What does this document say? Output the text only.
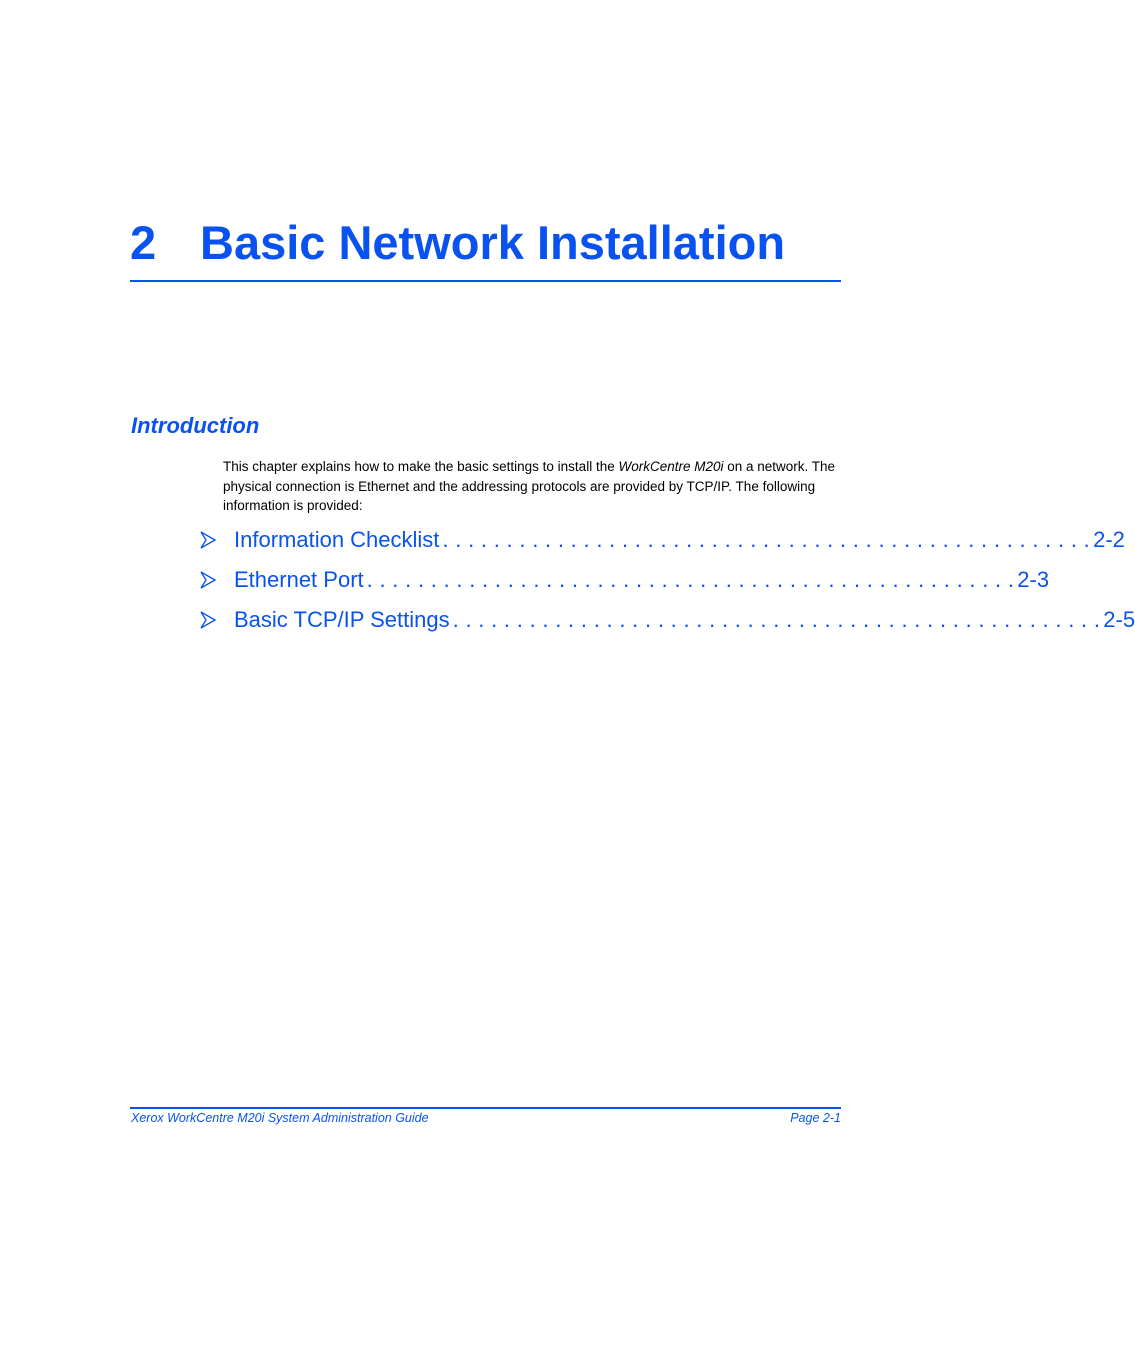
2 Basic Network Installation
Introduction

This chapter explains how to make the basic settings to install the WorkCentre M20i on a network. The physical connection is Ethernet and the addressing protocols are provided by TCP/IP. The following information is provided:

Information Checklist . . . . . . . . . . . . . . . . . . . . . . . . . . . . . . . . . . . . . . . . . . . . . . . . . . . 2-2
Ethernet Port . . . . . . . . . . . . . . . . . . . . . . . . . . . . . . . . . . . . . . . . . . . . . . . . . . . 2-3
Basic TCP/IP Settings . . . . . . . . . . . . . . . . . . . . . . . . . . . . . . . . . . . . . . . . . . . . . . . . . . . 2-5
Xerox WorkCentre M20i System Administration Guide	Page 2-1
